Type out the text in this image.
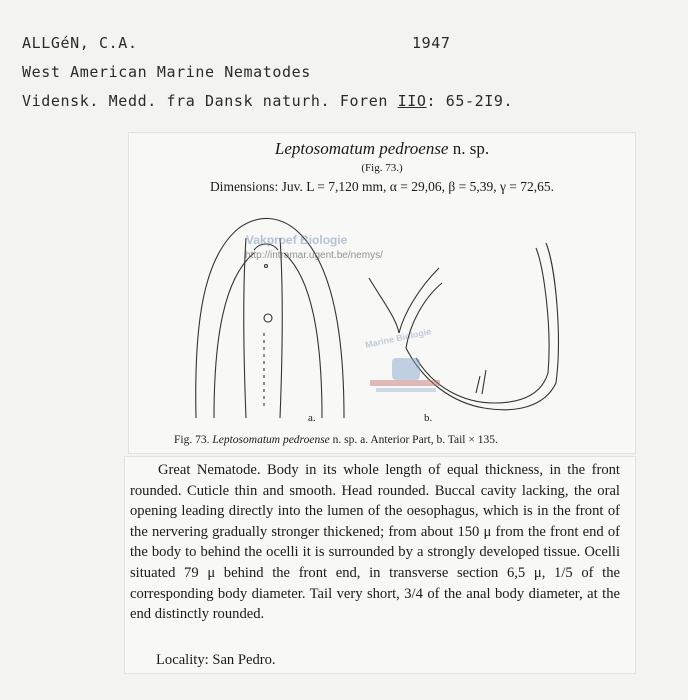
ALLGéN, C.A.	1947
West American Marine Nematodes
Vidensk. Medd. fra Dansk naturh. Foren IIO: 65-2I9.
Leptosomatum pedroense n. sp.
(Fig. 73.)
Dimensions: Juv. L = 7,120 mm, α = 29,06, β = 5,39, γ = 72,65.
Marine Biologie
a.	b.
Fig. 73. Leptosomatum pedroense n. sp. a. Anterior Part, b. Tail × 135.
Vakproef Biologie
http://intramar.ugent.be/nemys/
Great Nematode. Body in its whole length of equal thickness, in the front rounded. Cuticle thin and smooth. Head rounded. Buccal cavity lacking, the oral opening leading directly into the lumen of the oesophagus, which is in the front of the nervering gradually stronger thickened; from about 150 μ from the front end of the body to behind the ocelli it is surrounded by a strongly developed tissue. Ocelli situated 79 μ behind the front end, in transverse section 6,5 μ, 1/5 of the corresponding body diameter. Tail very short, 3/4 of the anal body diameter, at the end distinctly rounded.
Locality: San Pedro.
